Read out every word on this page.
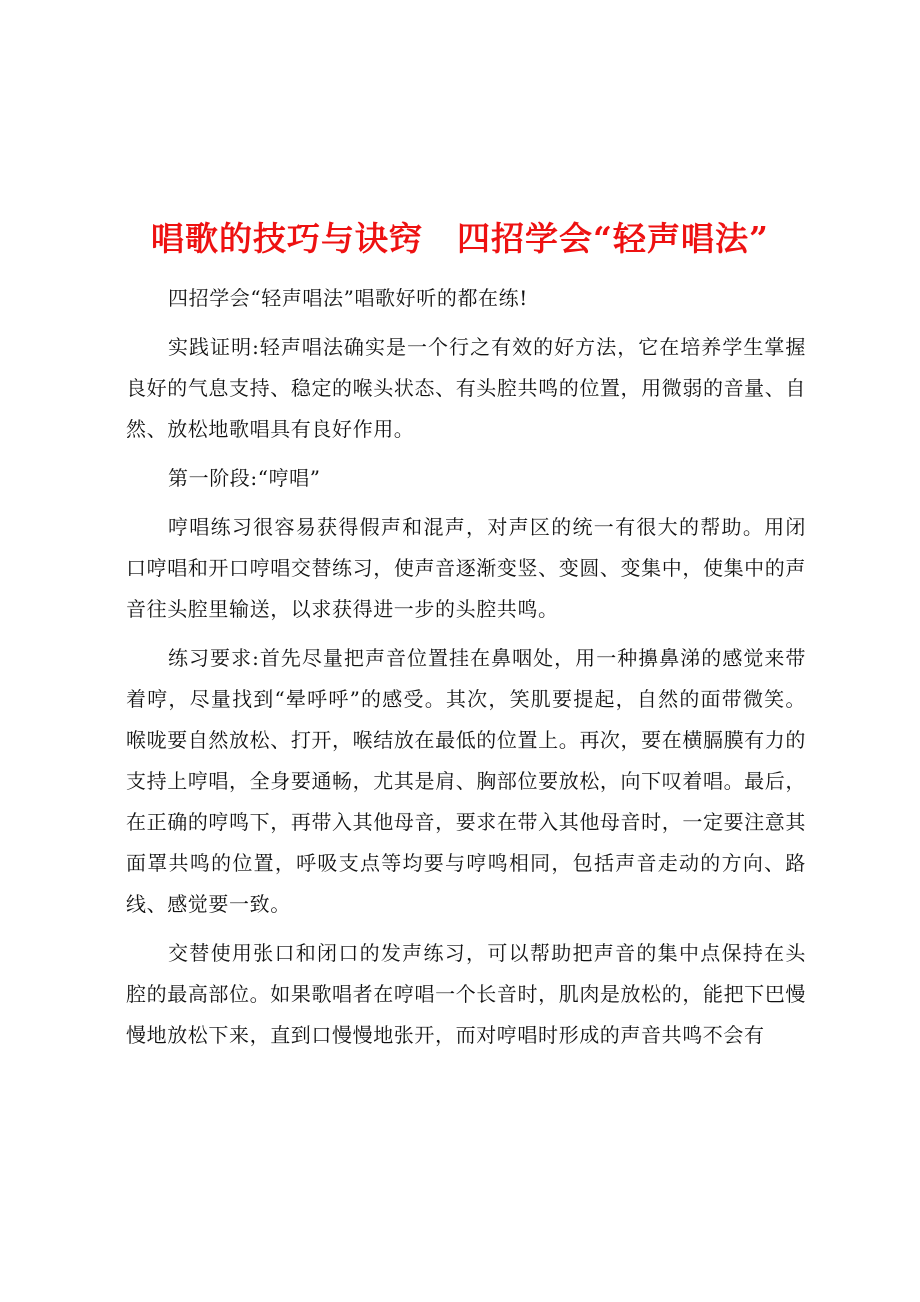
唱歌的技巧与诀窍　四招学会“轻声唱法”

四招学会“轻声唱法”唱歌好听的都在练!

实践证明:轻声唱法确实是一个行之有效的好方法，它在培养学生掌握良好的气息支持、稳定的喉头状态、有头腔共鸣的位置，用微弱的音量、自然、放松地歌唱具有良好作用。

第一阶段:“哼唱”

哼唱练习很容易获得假声和混声，对声区的统一有很大的帮助。用闭口哼唱和开口哼唱交替练习，使声音逐渐变竖、变圆、变集中，使集中的声音往头腔里输送，以求获得进一步的头腔共鸣。

练习要求:首先尽量把声音位置挂在鼻咽处，用一种擤鼻涕的感觉来带着哼，尽量找到“晕呼呼”的感受。其次，笑肌要提起，自然的面带微笑。喉咙要自然放松、打开，喉结放在最低的位置上。再次，要在横膈膜有力的支持上哼唱，全身要通畅，尤其是肩、胸部位要放松，向下叹着唱。最后，在正确的哼鸣下，再带入其他母音，要求在带入其他母音时，一定要注意其面罩共鸣的位置，呼吸支点等均要与哼鸣相同，包括声音走动的方向、路线、感觉要一致。

交替使用张口和闭口的发声练习，可以帮助把声音的集中点保持在头腔的最高部位。如果歌唱者在哼唱一个长音时，肌肉是放松的，能把下巴慢慢地放松下来，直到口慢慢地张开，而对哼唱时形成的声音共鸣不会有
